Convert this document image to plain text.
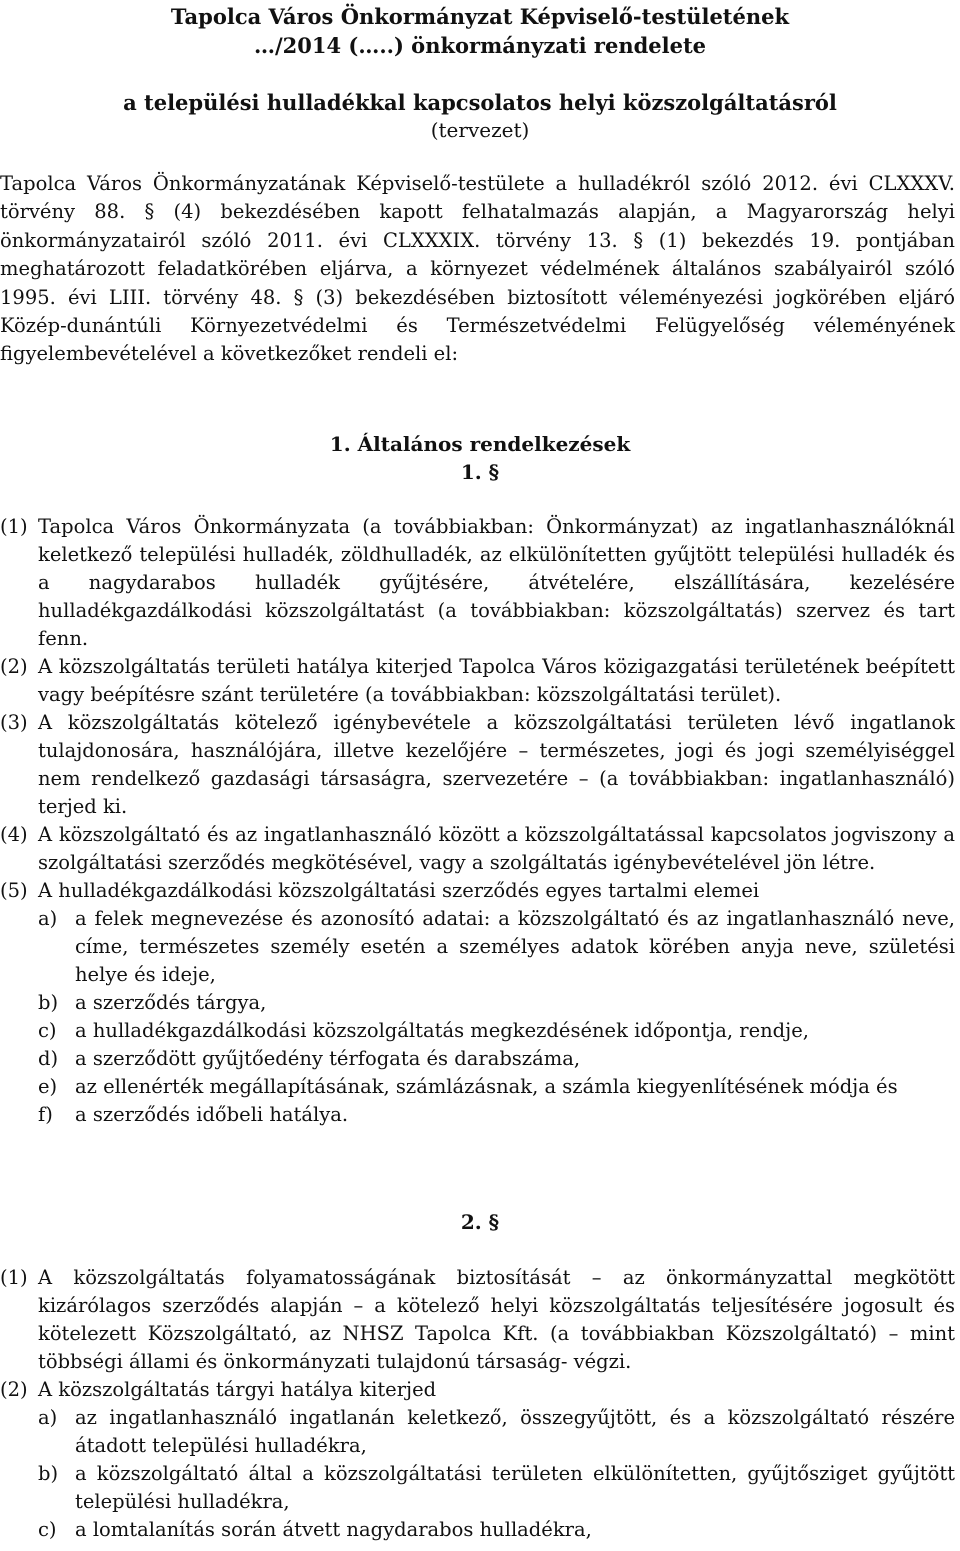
Tapolca Város Önkormányzat Képviselő-testületének
…/2014 (…..) önkormányzati rendelete
a települési hulladékkal kapcsolatos helyi közszolgáltatásról
(tervezet)

Tapolca Város Önkormányzatának Képviselő-testülete a hulladékról szóló 2012. évi CLXXXV. törvény 88. § (4) bekezdésében kapott felhatalmazás alapján, a Magyarország helyi önkormányzatairól szóló 2011. évi CLXXXIX. törvény 13. § (1) bekezdés 19. pontjában meghatározott feladatkörében eljárva, a környezet védelmének általános szabályairól szóló 1995. évi LIII. törvény 48. § (3) bekezdésében biztosított véleményezési jogkörében eljáró Közép-dunántúli Környezetvédelmi és Természetvédelmi Felügyelőség véleményének figyelembevételével a következőket rendeli el:

1. Általános rendelkezések
1. §
(1) Tapolca Város Önkormányzata (a továbbiakban: Önkormányzat) az ingatlanhasználóknál keletkező települési hulladék, zöldhulladék, az elkülönítetten gyűjtött települési hulladék és a nagydarabos hulladék gyűjtésére, átvételére, elszállítására, kezelésére hulladékgazdálkodási közszolgáltatást (a továbbiakban: közszolgáltatás) szervez és tart fenn.
(2) A közszolgáltatás területi hatálya kiterjed Tapolca Város közigazgatási területének beépített vagy beépítésre szánt területére (a továbbiakban: közszolgáltatási terület).
(3) A közszolgáltatás kötelező igénybevétele a közszolgáltatási területen lévő ingatlanok tulajdonosára, használójára, illetve kezelőjére – természetes, jogi és jogi személyiséggel nem rendelkező gazdasági társaságra, szervezetére – (a továbbiakban: ingatlanhasználó) terjed ki.
(4) A közszolgáltató és az ingatlanhasználó között a közszolgáltatással kapcsolatos jogviszony a szolgáltatási szerződés megkötésével, vagy a szolgáltatás igénybevételével jön létre.
(5) A hulladékgazdálkodási közszolgáltatási szerződés egyes tartalmi elemei
a) a felek megnevezése és azonosító adatai: a közszolgáltató és az ingatlanhasználó neve, címe, természetes személy esetén a személyes adatok körében anyja neve, születési helye és ideje,
b) a szerződés tárgya,
c) a hulladékgazdálkodási közszolgáltatás megkezdésének időpontja, rendje,
d) a szerződött gyűjtőedény térfogata és darabszáma,
e) az ellenérték megállapításának, számlázásnak, a számla kiegyenlítésének módja és
f) a szerződés időbeli hatálya.
2. §
(1) A közszolgáltatás folyamatosságának biztosítását – az önkormányzattal megkötött kizárólagos szerződés alapján – a kötelező helyi közszolgáltatás teljesítésére jogosult és kötelezett Közszolgáltató, az NHSZ Tapolca Kft. (a továbbiakban Közszolgáltató) – mint többségi állami és önkormányzati tulajdonú társaság- végzi.
(2) A közszolgáltatás tárgyi hatálya kiterjed
a) az ingatlanhasználó ingatlanán keletkező, összegyűjtött, és a közszolgáltató részére átadott települési hulladékra,
b) a közszolgáltató által a közszolgáltatási területen elkülönítetten, gyűjtősziget gyűjtött települési hulladékra,
c) a lomtalanítás során átvett nagydarabos hulladékra,
